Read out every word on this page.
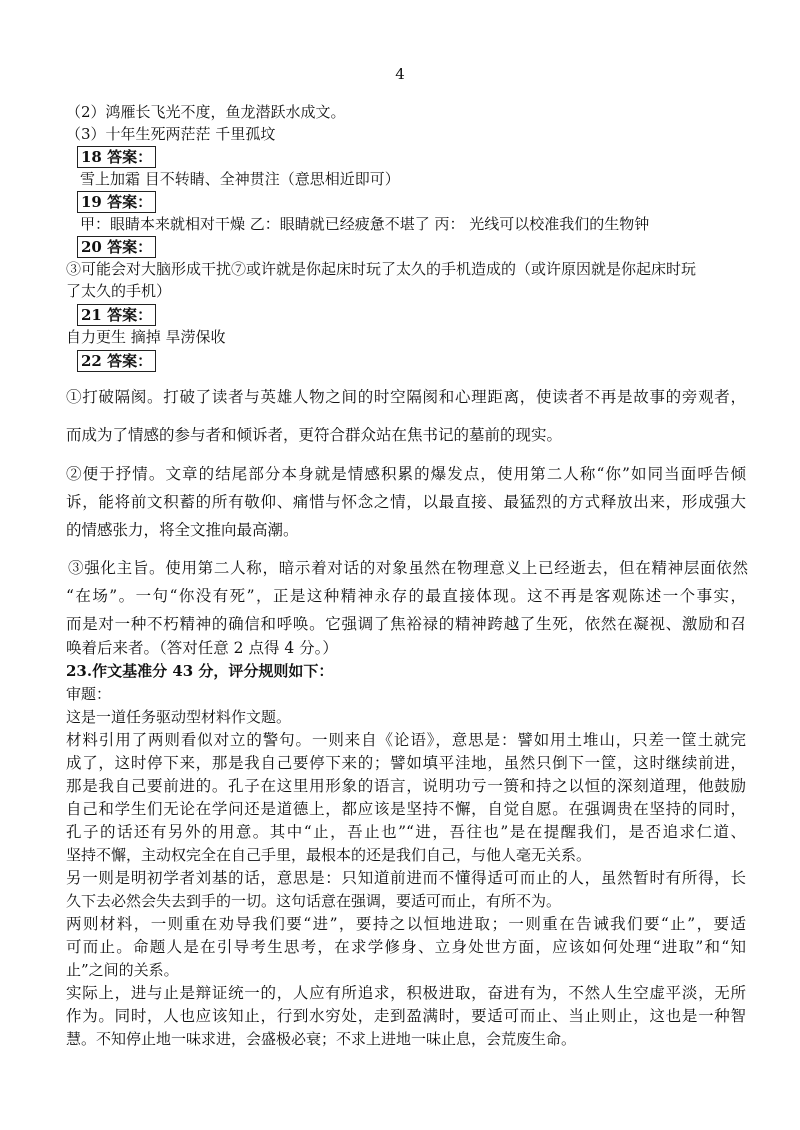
4
（2）鸿雁长飞光不度，鱼龙潜跃水成文。
（3）十年生死两茫茫 千里孤坟
18 答案：
雪上加霜 目不转睛、全神贯注（意思相近即可）
19 答案：
甲：眼睛本来就相对干燥 乙：眼睛就已经疲惫不堪了 丙： 光线可以校准我们的生物钟
20 答案：
③可能会对大脑形成干扰⑦或许就是你起床时玩了太久的手机造成的（或许原因就是你起床时玩
了太久的手机）
21 答案：
自力更生 摘掉 旱涝保收
22 答案：
①打破隔阂。打破了读者与英雄人物之间的时空隔阂和心理距离，使读者不再是故事的旁观者，
而成为了情感的参与者和倾诉者，更符合群众站在焦书记的墓前的现实。
②便于抒情。文章的结尾部分本身就是情感积累的爆发点，使用第二人称“你”如同当面呼告倾
诉，能将前文积蓄的所有敬仰、痛惜与怀念之情，以最直接、最猛烈的方式释放出来，形成强大
的情感张力，将全文推向最高潮。
③强化主旨。使用第二人称，暗示着对话的对象虽然在物理意义上已经逝去，但在精神层面依然
“在场”。一句“你没有死”，正是这种精神永存的最直接体现。这不再是客观陈述一个事实，
而是对一种不朽精神的确信和呼唤。它强调了焦裕禄的精神跨越了生死，依然在凝视、激励和召
唤着后来者。（答对任意 2 点得 4 分。）
23.作文基准分 43 分，评分规则如下：
审题：
这是一道任务驱动型材料作文题。
材料引用了两则看似对立的警句。一则来自《论语》，意思是：譬如用土堆山，只差一筐土就完
成了，这时停下来，那是我自己要停下来的；譬如填平洼地，虽然只倒下一筐，这时继续前进，
那是我自己要前进的。孔子在这里用形象的语言，说明功亏一篑和持之以恒的深刻道理，他鼓励
自己和学生们无论在学问还是道德上，都应该是坚持不懈，自觉自愿。在强调贵在坚持的同时，
孔子的话还有另外的用意。其中“止，吾止也”“进，吾往也”是在提醒我们，是否追求仁道、
坚持不懈，主动权完全在自己手里，最根本的还是我们自己，与他人毫无关系。
另一则是明初学者刘基的话，意思是：只知道前进而不懂得适可而止的人，虽然暂时有所得，长
久下去必然会失去到手的一切。这句话意在强调，要适可而止，有所不为。
两则材料，一则重在劝导我们要“进”，要持之以恒地进取；一则重在告诫我们要“止”，要适
可而止。命题人是在引导考生思考，在求学修身、立身处世方面，应该如何处理“进取”和“知
止”之间的关系。
实际上，进与止是辩证统一的，人应有所追求，积极进取，奋进有为，不然人生空虚平淡，无所
作为。同时，人也应该知止，行到水穷处，走到盈满时，要适可而止、当止则止，这也是一种智
慧。不知停止地一味求进，会盛极必衰；不求上进地一味止息，会荒废生命。
